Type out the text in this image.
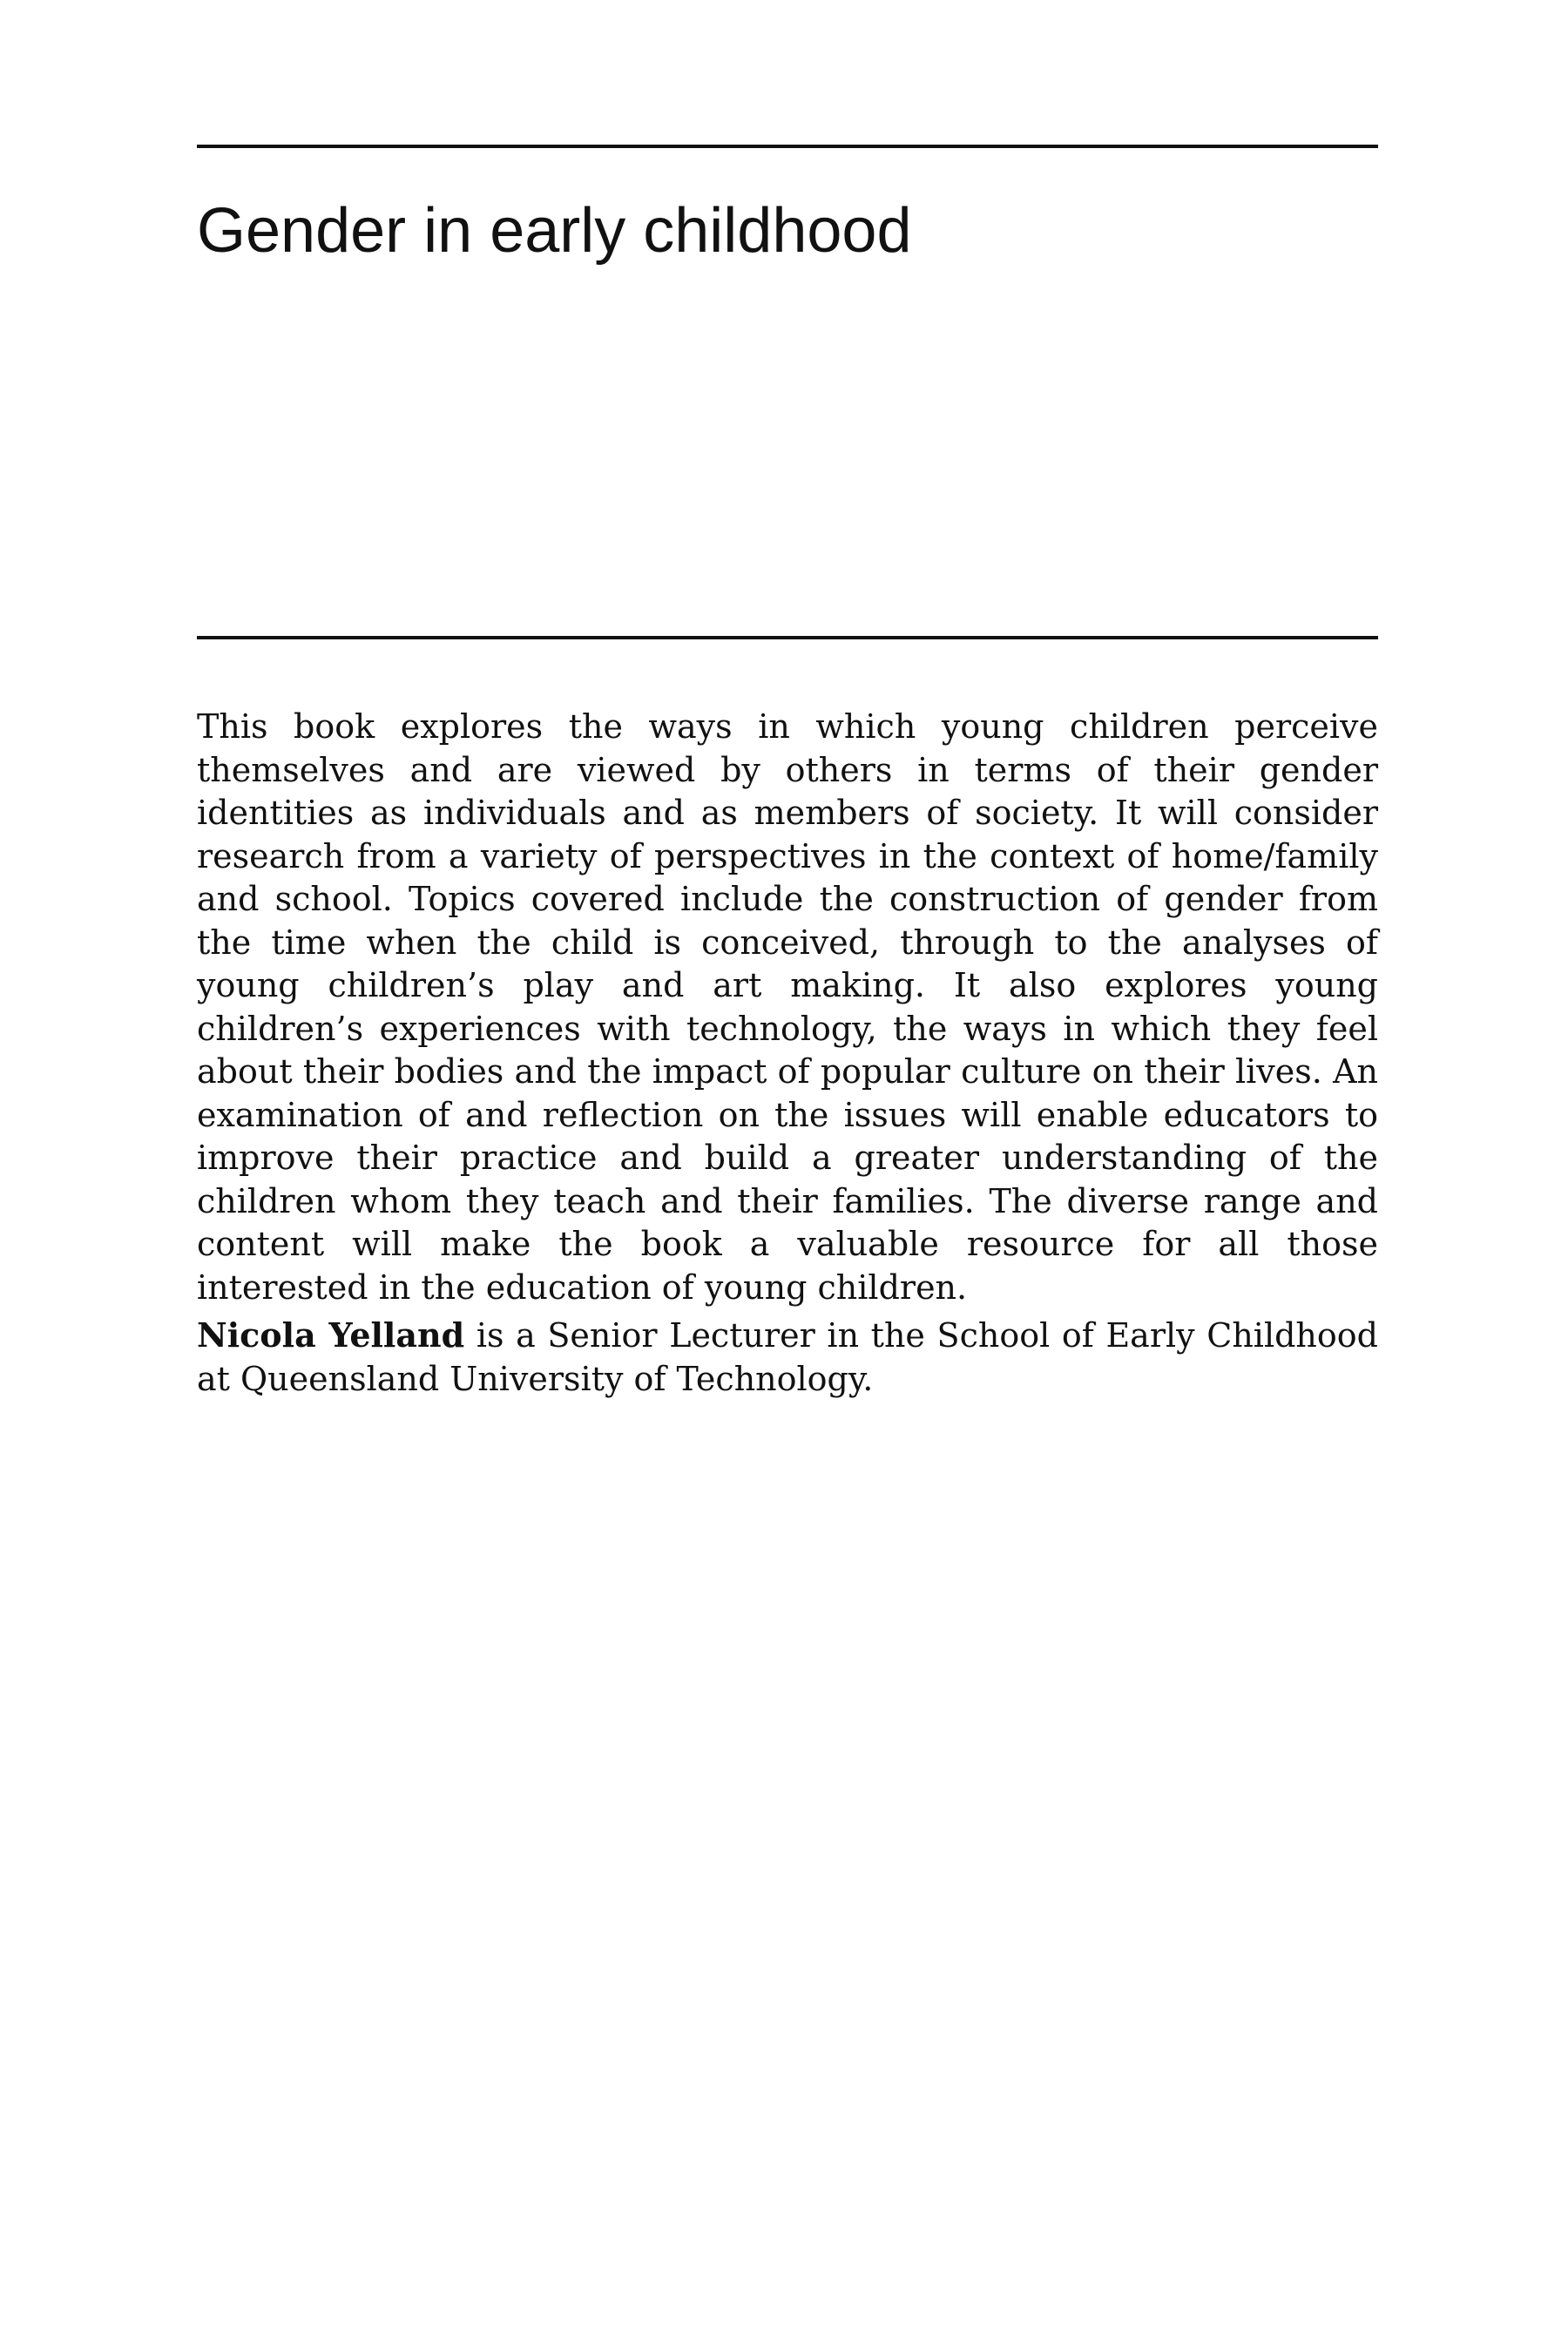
Gender in early childhood

This book explores the ways in which young children perceive themselves and are viewed by others in terms of their gender identities as individuals and as members of society. It will consider research from a variety of perspectives in the context of home/family and school. Topics covered include the construction of gender from the time when the child is conceived, through to the analyses of young children’s play and art making. It also explores young children’s experiences with technology, the ways in which they feel about their bodies and the impact of popular culture on their lives. An examination of and reflection on the issues will enable educators to improve their practice and build a greater understanding of the children whom they teach and their families. The diverse range and content will make the book a valuable resource for all those interested in the education of young children.

Nicola Yelland is a Senior Lecturer in the School of Early Childhood at Queensland University of Technology.
